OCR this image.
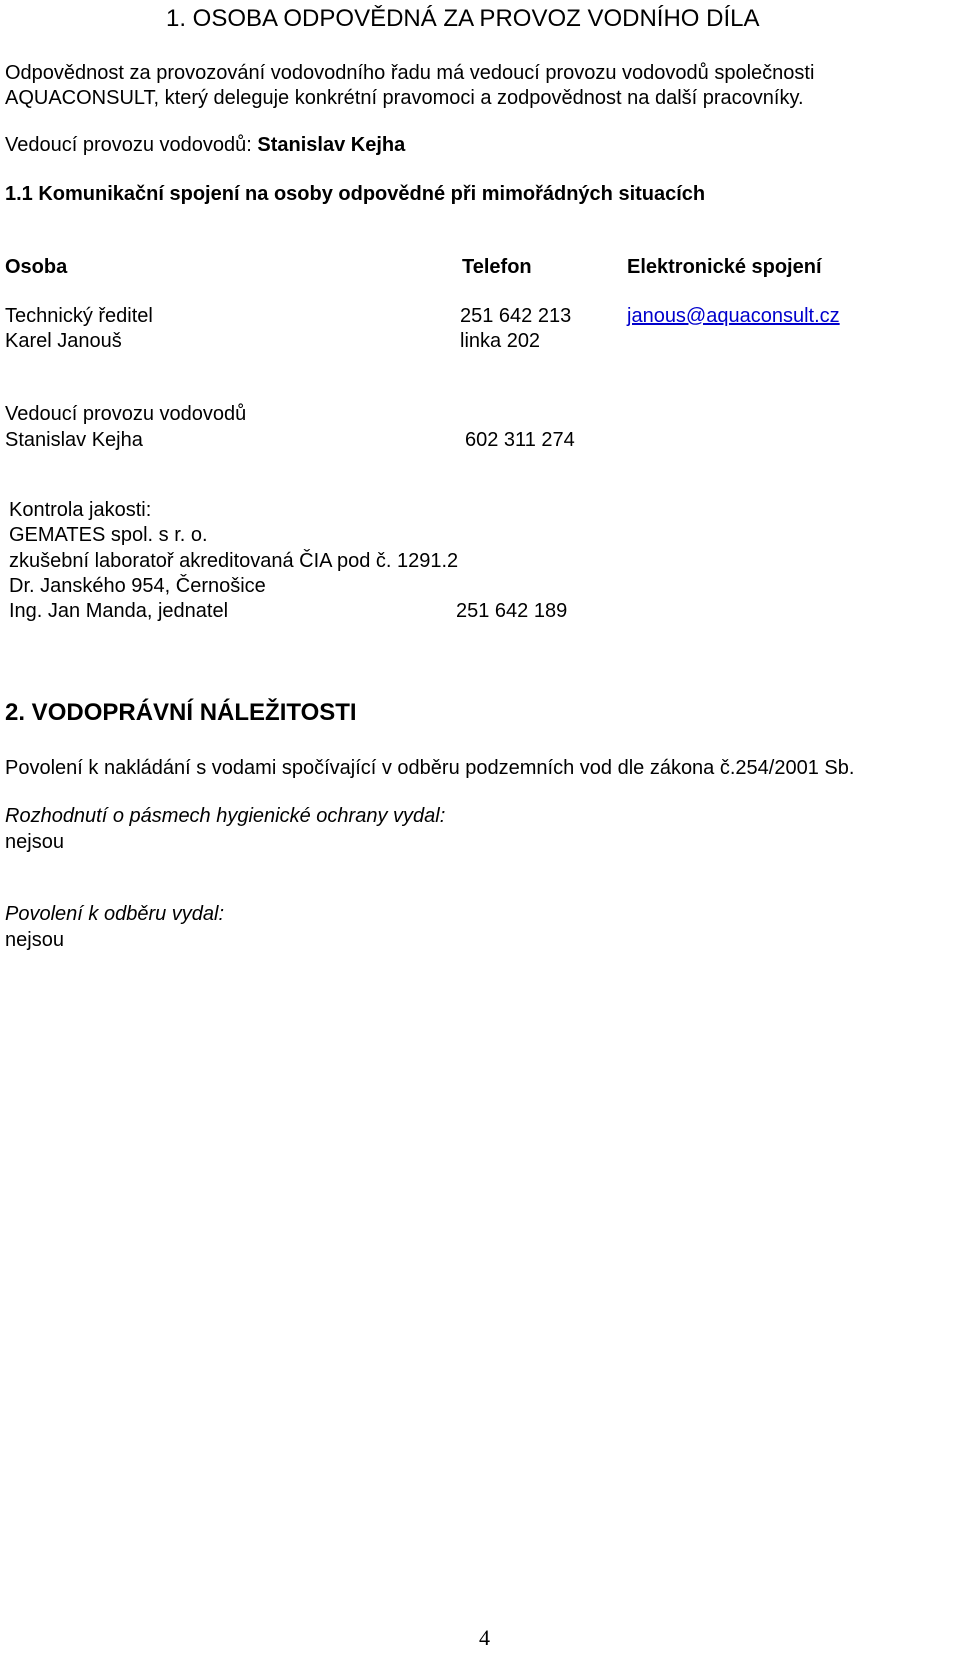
1. OSOBA ODPOVĚDNÁ ZA PROVOZ VODNÍHO DÍLA
Odpovědnost za provozování vodovodního řadu má vedoucí provozu vodovodů společnosti
AQUACONSULT, který deleguje konkrétní pravomoci a zodpovědnost na další pracovníky.
Vedoucí provozu vodovodů: Stanislav Kejha
1.1 Komunikační spojení na osoby odpovědné při mimořádných situacích
Osoba	Telefon	Elektronické spojení
Technický ředitel	251 642 213	janous@aquaconsult.cz
Karel Janouš	linka 202
Vedoucí provozu vodovodů
Stanislav Kejha	602 311 274
Kontrola jakosti:
GEMATES spol. s r. o.
zkušební laboratoř akreditovaná ČIA pod č. 1291.2
Dr. Janského 954, Černošice
Ing. Jan Manda, jednatel	251 642 189
2. VODOPRÁVNÍ NÁLEŽITOSTI
Povolení k nakládání s vodami spočívající v odběru podzemních vod dle zákona č.254/2001 Sb.
Rozhodnutí o pásmech hygienické ochrany vydal:
nejsou
Povolení k odběru vydal:
nejsou
4
